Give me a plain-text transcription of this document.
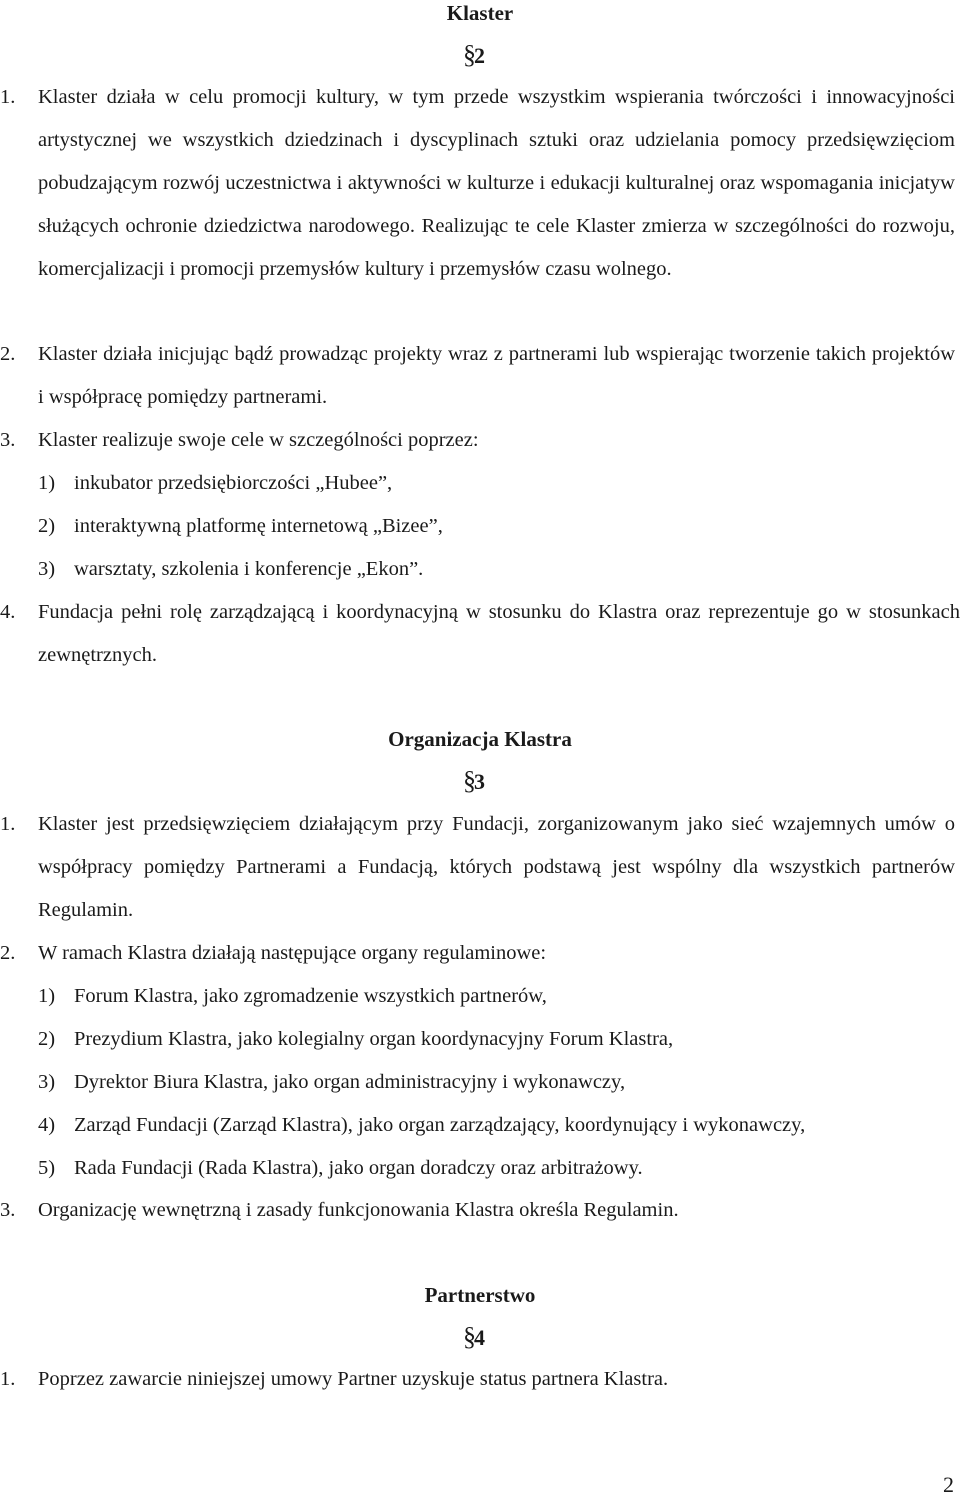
Klaster
§2
1. Klaster działa w celu promocji kultury, w tym przede wszystkim wspierania twórczości i innowacyjności artystycznej we wszystkich dziedzinach i dyscyplinach sztuki oraz udzielania pomocy przedsięwzięciom pobudzającym rozwój uczestnictwa i aktywności w kulturze i edukacji kulturalnej oraz wspomagania inicjatyw służących ochronie dziedzictwa narodowego. Realizując te cele Klaster zmierza w szczególności do rozwoju, komercjalizacji i promocji przemysłów kultury i przemysłów czasu wolnego.
2. Klaster działa inicjując bądź prowadząc projekty wraz z partnerami lub wspierając tworzenie takich projektów i współpracę pomiędzy partnerami.
3. Klaster realizuje swoje cele w szczególności poprzez:
1) inkubator przedsiębiorczości „Hubee”,
2) interaktywną platformę internetową „Bizee”,
3) warsztaty, szkolenia i konferencje „Ekon”.
4. Fundacja pełni rolę zarządzającą i koordynacyjną w stosunku do Klastra oraz reprezentuje go w stosunkach zewnętrznych.
Organizacja Klastra
§3
1. Klaster jest przedsięwzięciem działającym przy Fundacji, zorganizowanym jako sieć wzajemnych umów o współpracy pomiędzy Partnerami a Fundacją, których podstawą jest wspólny dla wszystkich partnerów Regulamin.
2. W ramach Klastra działają następujące organy regulaminowe:
1) Forum Klastra, jako zgromadzenie wszystkich partnerów,
2) Prezydium Klastra, jako kolegialny organ koordynacyjny Forum Klastra,
3) Dyrektor Biura Klastra, jako organ administracyjny i wykonawczy,
4) Zarząd Fundacji (Zarząd Klastra), jako organ zarządzający, koordynujący i wykonawczy,
5) Rada Fundacji (Rada Klastra), jako organ doradczy oraz arbitrażowy.
3. Organizację wewnętrzną i zasady funkcjonowania Klastra określa Regulamin.
Partnerstwo
§4
1. Poprzez zawarcie niniejszej umowy Partner uzyskuje status partnera Klastra.
2
